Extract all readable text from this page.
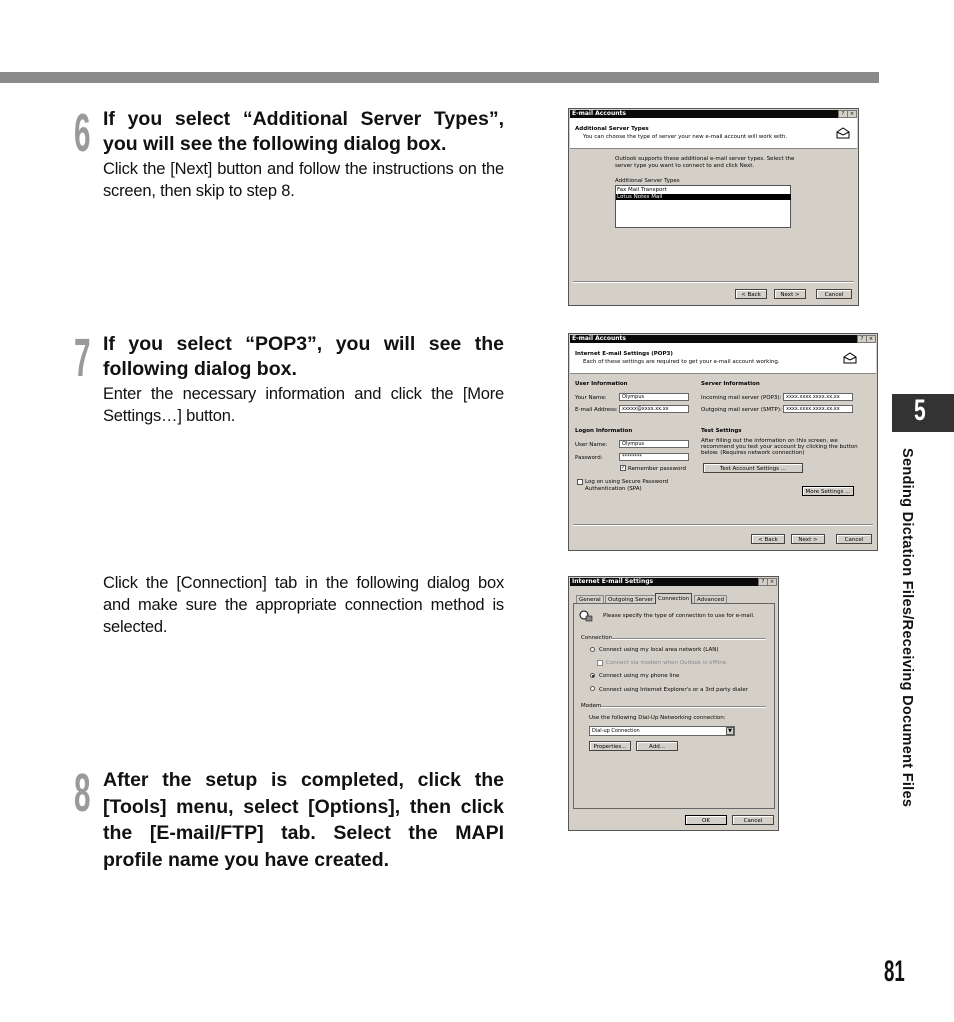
6 If you select “Additional Server Types”, you will see the following dialog box.
Click the [Next] button and follow the instructions on the screen, then skip to step 8.
7 If you select “POP3”, you will see the following dialog box.
Enter the necessary information and click the [More Settings…] button.
Click the [Connection] tab in the following dialog box and make sure the appropriate connection method is selected.
8 After the setup is completed, click the [Tools] menu, select [Options], then click the [E-mail/FTP] tab. Select the MAPI profile name you have created.
5
Sending Dictation Files/Receiving Document Files
81
E-mail Accounts	?	×
Additional Server Types
You can choose the type of server your new e-mail account will work with.
Outlook supports these additional e-mail server types. Select the
server type you want to connect to and click Next.
Additional Server Types
Fax Mail Transport
Lotus Notes Mail
< Back	Next >	Cancel
E-mail Accounts	?	×
Internet E-mail Settings (POP3)
Each of these settings are required to get your e-mail account working.
User Information
Your Name:	Olympus
E-mail Address: xxxxx@xxxx.xx.xx
Server Information
Incoming mail server (POP3): xxxx.xxxx.xxxx.xx.xx
Outgoing mail server (SMTP): xxxx.xxxx.xxxx.xx.xx
Logon Information
User Name:	Olympus
Password:	********
✓ Remember password
Log on using Secure Password
Authentication (SPA)
Test Settings
After filling out the information on this screen, we
recommend you test your account by clicking the button
below. (Requires network connection)
Test Account Settings ...
More Settings ...
< Back	Next >	Cancel
Internet E-mail Settings	?	×
General	Outgoing Server Connection	Advanced
Please specify the type of connection to use for e-mail.
Connection
Connect using my local area network (LAN)
Connect via modem when Outlook is offline
Connect using my phone line
Connect using Internet Explorer's or a 3rd party dialer
Modem
Use the following Dial-Up Networking connection:
Dial-up Connection	▼
Properties...	Add...
OK	Cancel
